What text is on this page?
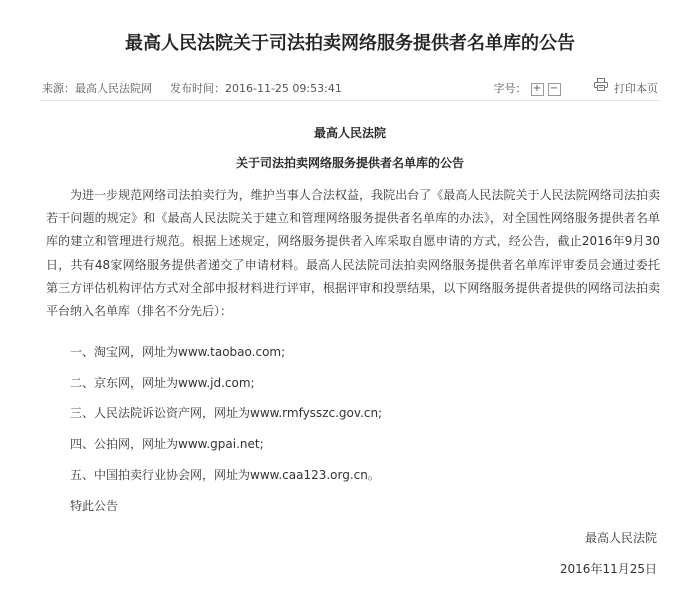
最高人民法院关于司法拍卖网络服务提供者名单库的公告
来源：最高人民法院网 发布时间：2016-11-25 09:53:41	字号： + −	打印本页
最高人民法院
关于司法拍卖网络服务提供者名单库的公告

为进一步规范网络司法拍卖行为，维护当事人合法权益，我院出台了《最高人民法院关于人民法院网络司法拍卖若干问题的规定》和《最高人民法院关于建立和管理网络服务提供者名单库的办法》，对全国性网络服务提供者名单库的建立和管理进行规范。根据上述规定，网络服务提供者入库采取自愿申请的方式，经公告，截止2016年9月30日，共有48家网络服务提供者递交了申请材料。最高人民法院司法拍卖网络服务提供者名单库评审委员会通过委托第三方评估机构评估方式对全部申报材料进行评审，根据评审和投票结果，以下网络服务提供者提供的网络司法拍卖平台纳入名单库（排名不分先后）：

一、淘宝网，网址为www.taobao.com;
二、京东网，网址为www.jd.com;
三、人民法院诉讼资产网，网址为www.rmfysszc.gov.cn;
四、公拍网，网址为www.gpai.net;
五、中国拍卖行业协会网，网址为www.caa123.org.cn。
特此公告
最高人民法院
2016年11月25日
